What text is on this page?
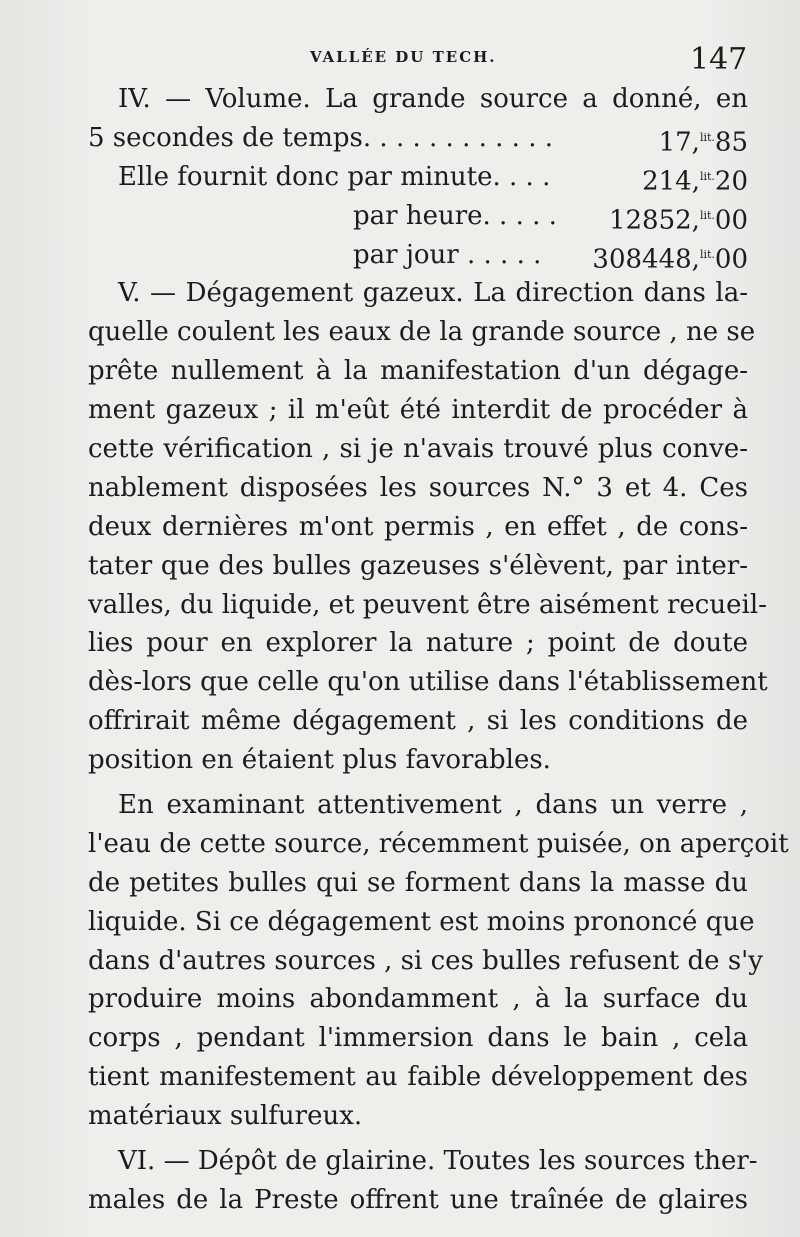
VALLÉE DU TECH.	147
IV. — Volume. La grande source a donné, en
5 secondes de temps. . . . . . . . . . . .	17,$^{lit.}$85
Elle fournit donc par minute. . . .	214,$^{lit.}$20
par heure. . . . . 12852,$^{lit.}$00
par jour . . . . . 308448,$^{lit.}$00
V. — Dégagement gazeux. La direction dans la-
quelle coulent les eaux de la grande source , ne se
prête nullement à la manifestation d'un dégage-
ment gazeux ; il m'eût été interdit de procéder à
cette vérification , si je n'avais trouvé plus conve-
nablement disposées les sources N.° 3 et 4. Ces
deux dernières m'ont permis , en effet , de cons-
tater que des bulles gazeuses s'élèvent, par inter-
valles, du liquide, et peuvent être aisément recueil-
lies pour en explorer la nature ; point de doute
dès-lors que celle qu'on utilise dans l'établissement
offrirait même dégagement , si les conditions de
position en étaient plus favorables.
En examinant attentivement , dans un verre ,
l'eau de cette source, récemment puisée, on aperçoit
de petites bulles qui se forment dans la masse du
liquide. Si ce dégagement est moins prononcé que
dans d'autres sources , si ces bulles refusent de s'y
produire moins abondamment , à la surface du
corps , pendant l'immersion dans le bain , cela
tient manifestement au faible développement des
matériaux sulfureux.
VI. — Dépôt de glairine. Toutes les sources ther-
males de la Preste offrent une traînée de glaires
